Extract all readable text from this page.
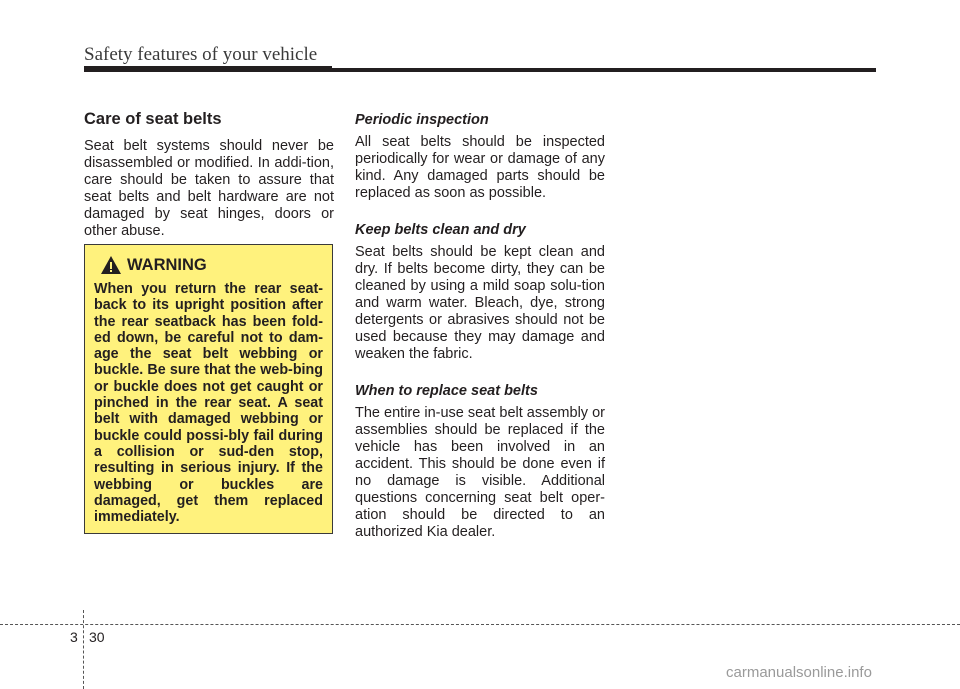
Safety features of your vehicle
Care of seat belts

Seat belt systems should never be disassembled or modified. In addi-tion, care should be taken to assure that seat belts and belt hardware are not damaged by seat hinges, doors or other abuse.

WARNING

When you return the rear seat-back to its upright position after the rear seatback has been fold-ed down, be careful not to dam-age the seat belt webbing or buckle. Be sure that the web-bing or buckle does not get caught or pinched in the rear seat. A seat belt with damaged webbing or buckle could possi-bly fail during a collision or sud-den stop, resulting in serious injury. If the webbing or buckles are damaged, get them replaced immediately.

Periodic inspection

All seat belts should be inspected periodically for wear or damage of any kind. Any damaged parts should be replaced as soon as possible.

Keep belts clean and dry

Seat belts should be kept clean and dry. If belts become dirty, they can be cleaned by using a mild soap solu-tion and warm water. Bleach, dye, strong detergents or abrasives should not be used because they may damage and weaken the fabric.

When to replace seat belts

The entire in-use seat belt assembly or assemblies should be replaced if the vehicle has been involved in an accident. This should be done even if no damage is visible. Additional questions concerning seat belt oper-ation should be directed to an authorized Kia dealer.

3 30
carmanualsonline.info
